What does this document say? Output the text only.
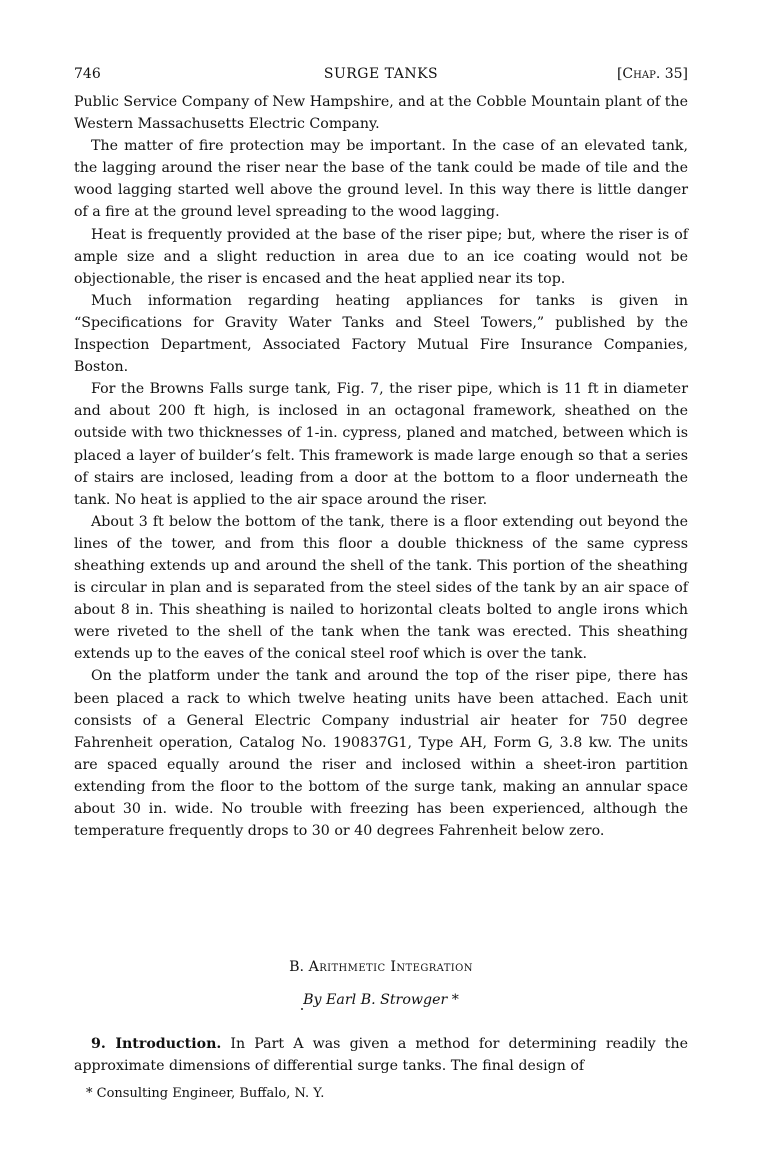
746	SURGE TANKS	[Chap. 35]

Public Service Company of New Hampshire, and at the Cobble Mountain plant of the Western Massachusetts Electric Company.

The matter of fire protection may be important. In the case of an elevated tank, the lagging around the riser near the base of the tank could be made of tile and the wood lagging started well above the ground level. In this way there is little danger of a fire at the ground level spreading to the wood lagging.

Heat is frequently provided at the base of the riser pipe; but, where the riser is of ample size and a slight reduction in area due to an ice coating would not be objectionable, the riser is encased and the heat applied near its top.

Much information regarding heating appliances for tanks is given in “Specifications for Gravity Water Tanks and Steel Towers,” published by the Inspection Department, Associated Factory Mutual Fire Insurance Companies, Boston.

For the Browns Falls surge tank, Fig. 7, the riser pipe, which is 11 ft in diameter and about 200 ft high, is inclosed in an octagonal framework, sheathed on the outside with two thicknesses of 1-in. cypress, planed and matched, between which is placed a layer of builder’s felt. This framework is made large enough so that a series of stairs are inclosed, leading from a door at the bottom to a floor underneath the tank. No heat is applied to the air space around the riser.

About 3 ft below the bottom of the tank, there is a floor extending out beyond the lines of the tower, and from this floor a double thickness of the same cypress sheathing extends up and around the shell of the tank. This portion of the sheathing is circular in plan and is separated from the steel sides of the tank by an air space of about 8 in. This sheathing is nailed to horizontal cleats bolted to angle irons which were riveted to the shell of the tank when the tank was erected. This sheathing extends up to the eaves of the conical steel roof which is over the tank.

On the platform under the tank and around the top of the riser pipe, there has been placed a rack to which twelve heating units have been attached. Each unit consists of a General Electric Company industrial air heater for 750 degree Fahrenheit operation, Catalog No. 190837G1, Type AH, Form G, 3.8 kw. The units are spaced equally around the riser and inclosed within a sheet-iron partition extending from the floor to the bottom of the surge tank, making an annular space about 30 in. wide. No trouble with freezing has been experienced, although the temperature frequently drops to 30 or 40 degrees Fahrenheit below zero.

B. Arithmetic Integration
By Earl B. Strowger *

9. Introduction. In Part A was given a method for determining readily the approximate dimensions of differential surge tanks. The final design of

* Consulting Engineer, Buffalo, N. Y.
